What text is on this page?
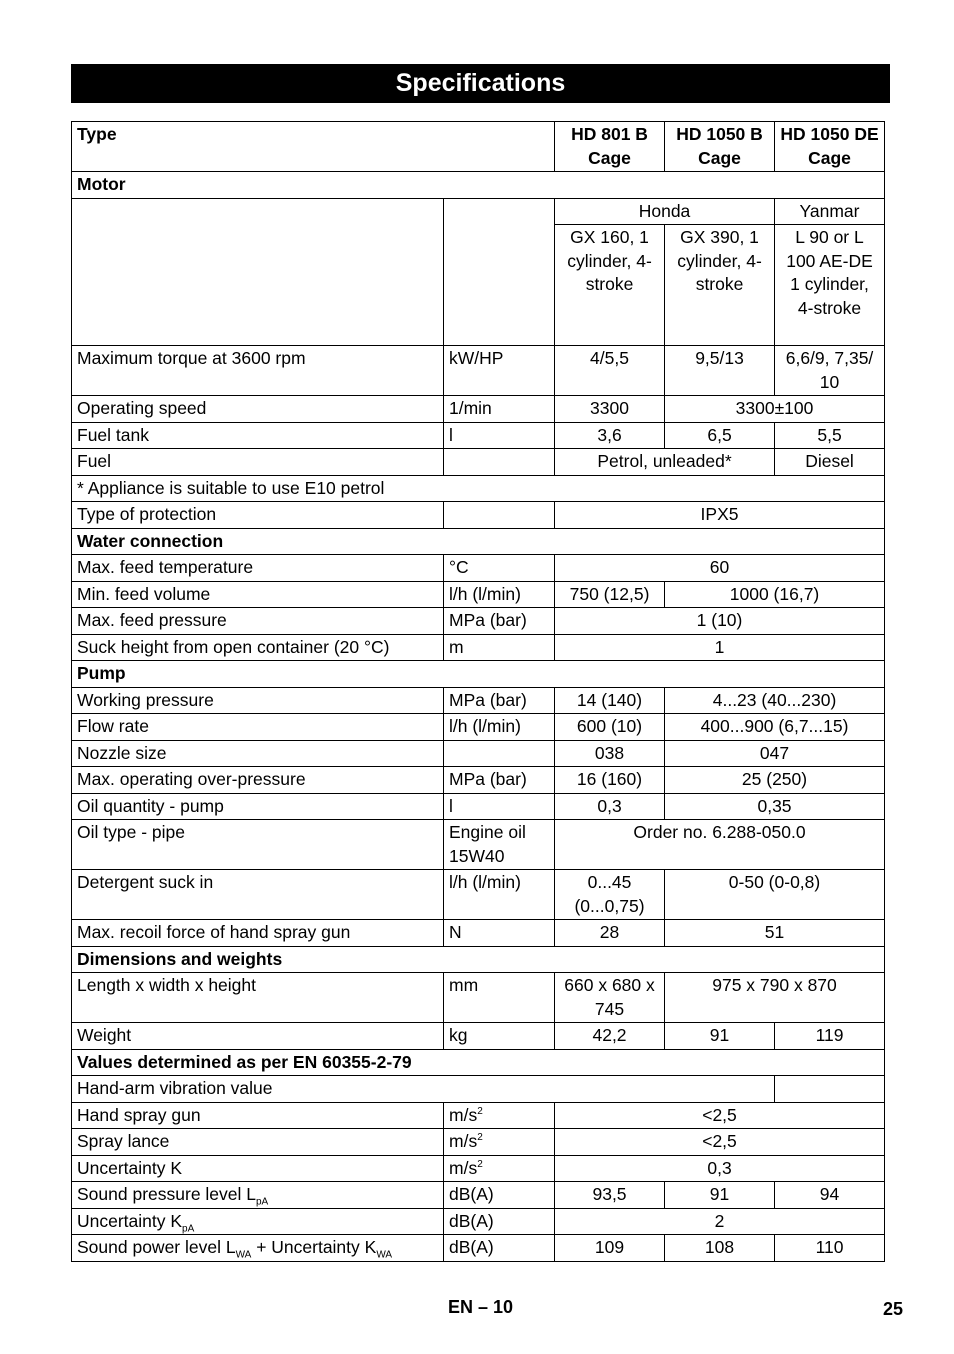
Specifications
Type		HD 801 B Cage	HD 1050 B Cage	HD 1050 DE Cage
Motor				
		Honda		Yanmar
		GX 160, 1 cylinder, 4-stroke	GX 390, 1 cylinder, 4-stroke	L 90 or L 100 AE-DE 1 cylinder, 4-stroke
Maximum torque at 3600 rpm	kW/HP	4/5,5	9,5/13	6,6/9, 7,35/ 10
Operating speed	1/min	3300	3300±100	
Fuel tank	l	3,6	6,5	5,5
Fuel		Petrol, unleaded*		Diesel
* Appliance is suitable to use E10 petrol				
Type of protection		IPX5		
Water connection				
Max. feed temperature	°C	60		
Min. feed volume	l/h (l/min)	750 (12,5)	1000 (16,7)	
Max. feed pressure	MPa (bar)	1 (10)		
Suck height from open container (20 °C)	m	1		
Pump				
Working pressure	MPa (bar)	14 (140)	4...23 (40...230)	
Flow rate	l/h (l/min)	600 (10)	400...900 (6,7...15)	
Nozzle size		038	047	
Max. operating over-pressure	MPa (bar)	16 (160)	25 (250)	
Oil quantity - pump	l	0,3	0,35	
Oil type - pipe	Engine oil 15W40	Order no. 6.288-050.0		
Detergent suck in	l/h (l/min)	0...45 (0...0,75)	0-50 (0-0,8)	
Max. recoil force of hand spray gun	N	28	51	
Dimensions and weights				
Length x width x height	mm	660 x 680 x 745	975 x 790 x 870	
Weight	kg	42,2	91	119
Values determined as per EN 60355-2-79				
Hand-arm vibration value				
Hand spray gun	$m/s^2$	<2,5		
Spray lance	$m/s^2$	<2,5		
Uncertainty K	$m/s^2$	0,3		
Sound pressure level $L_{pA}$	dB(A)	93,5	91	94
Uncertainty $K_{pA}$	dB(A)	2		
Sound power level $L_{WA}$ + Uncertainty $K_{WA}$	dB(A)	109	108	110
EN – 10	25
